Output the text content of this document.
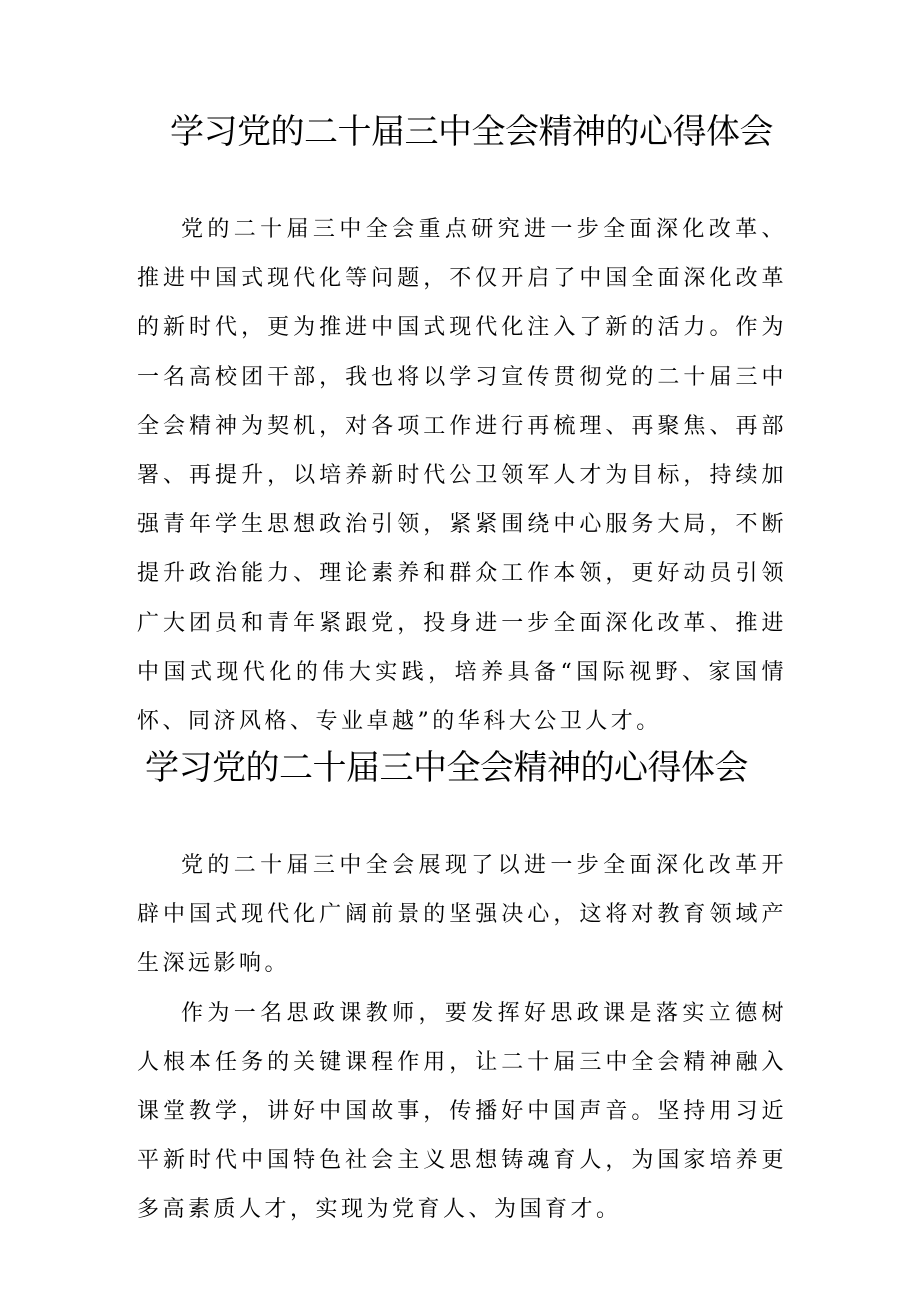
学习党的二十届三中全会精神的心得体会

党的二十届三中全会重点研究进一步全面深化改革、推进中国式现代化等问题，不仅开启了中国全面深化改革的新时代，更为推进中国式现代化注入了新的活力。作为一名高校团干部，我也将以学习宣传贯彻党的二十届三中全会精神为契机，对各项工作进行再梳理、再聚焦、再部署、再提升，以培养新时代公卫领军人才为目标，持续加强青年学生思想政治引领，紧紧围绕中心服务大局，不断提升政治能力、理论素养和群众工作本领，更好动员引领广大团员和青年紧跟党，投身进一步全面深化改革、推进中国式现代化的伟大实践，培养具备“国际视野、家国情怀、同济风格、专业卓越”的华科大公卫人才。

学习党的二十届三中全会精神的心得体会

党的二十届三中全会展现了以进一步全面深化改革开辟中国式现代化广阔前景的坚强决心，这将对教育领域产生深远影响。

作为一名思政课教师，要发挥好思政课是落实立德树人根本任务的关键课程作用，让二十届三中全会精神融入课堂教学，讲好中国故事，传播好中国声音。坚持用习近平新时代中国特色社会主义思想铸魂育人，为国家培养更多高素质人才，实现为党育人、为国育才。
